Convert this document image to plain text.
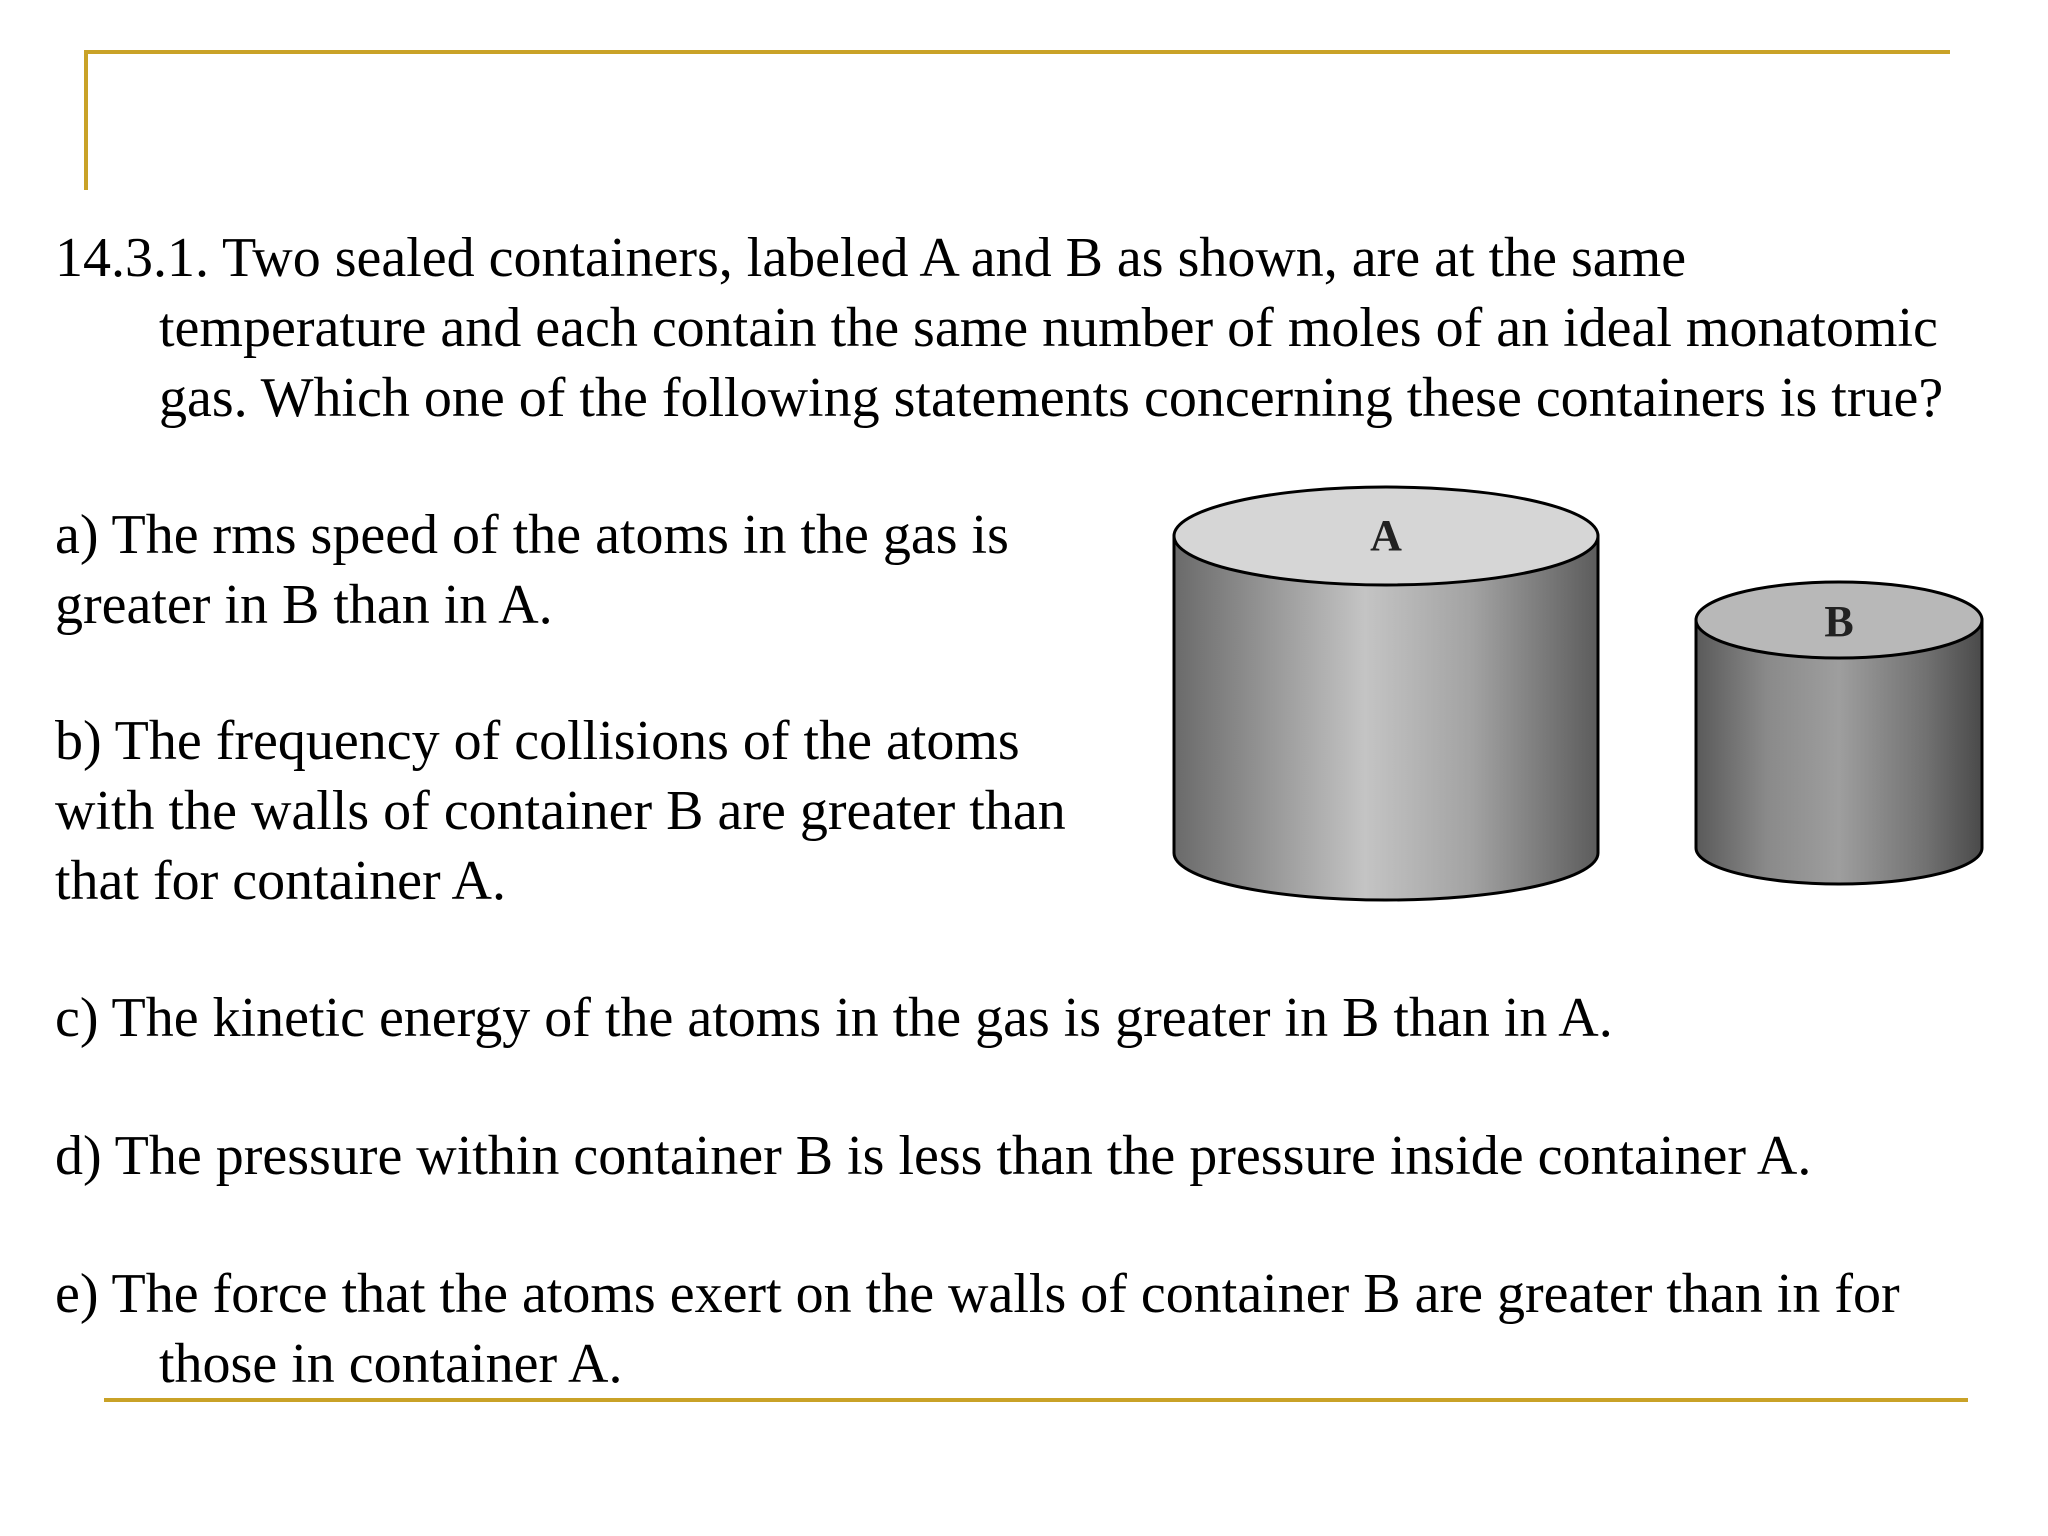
14.3.1. Two sealed containers, labeled A and B as shown, are at the same

temperature and each contain the same number of moles of an ideal monatomic

gas. Which one of the following statements concerning these containers is true?

a) The rms speed of the atoms in the gas is
greater in B than in A.
b) The frequency of collisions of the atoms
with the walls of container B are greater than
that for container A.

c) The kinetic energy of the atoms in the gas is greater in B than in A.

d) The pressure within container B is less than the pressure inside container A.

e) The force that the atoms exert on the walls of container B are greater than in for

those in container A.

A
B
